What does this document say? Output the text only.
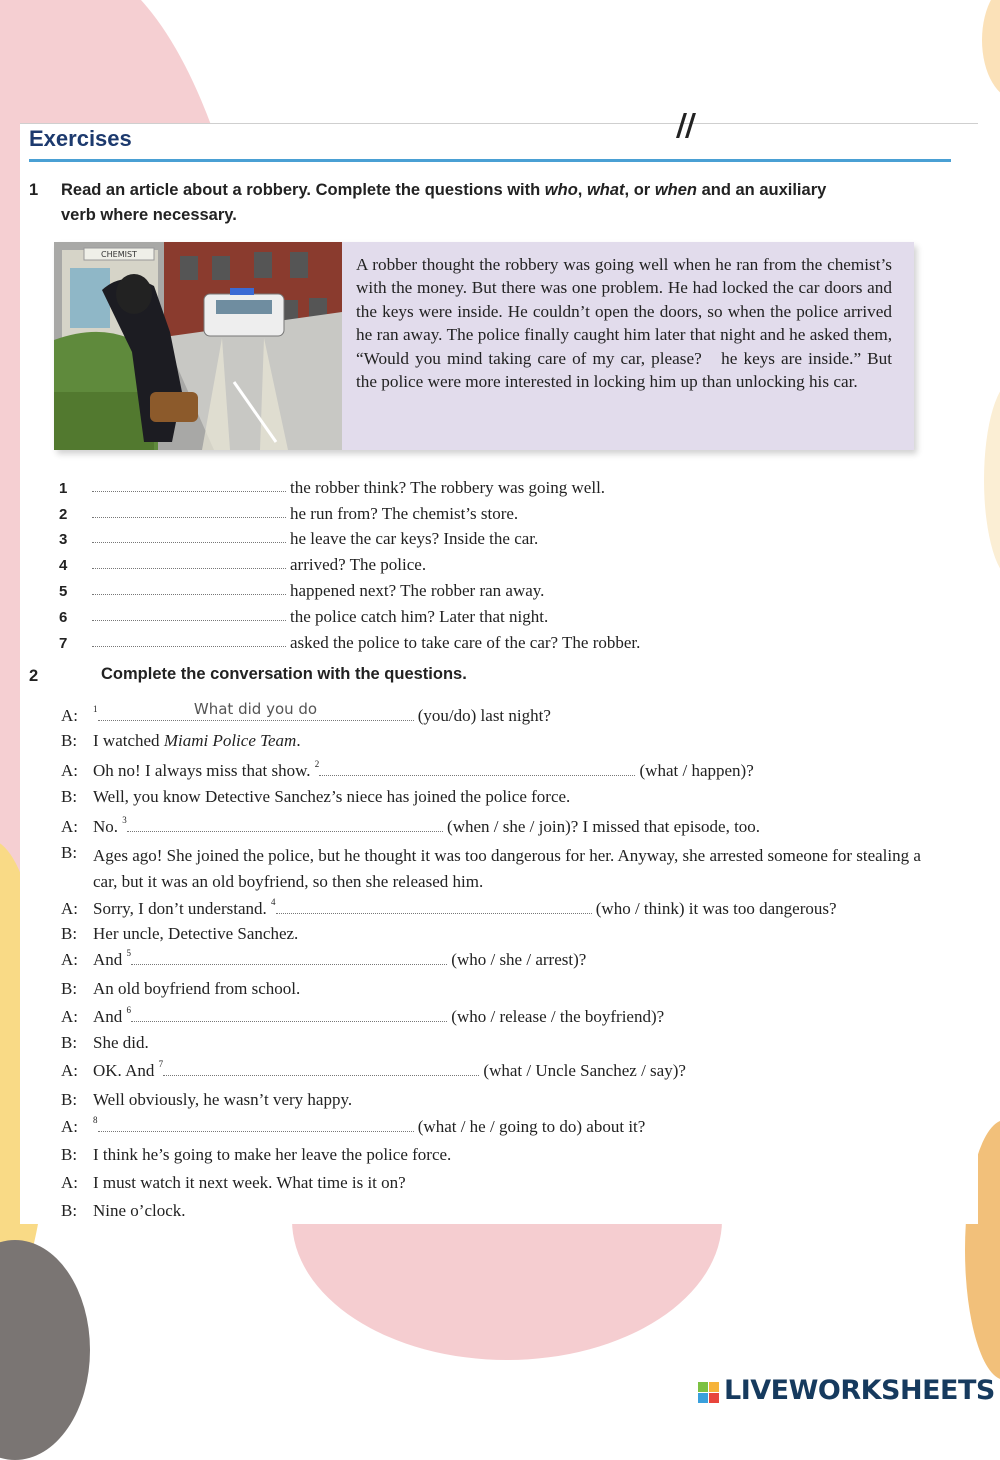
//
Exercises
1 Read an article about a robbery. Complete the questions with who, what, or when and an auxiliary
verb where necessary.
CHEMIST
A robber thought the robbery was going well when he ran from the chemist’s with the money. But there was one problem. He had locked the car doors and the keys were inside. He couldn’t open the doors, so when the police arrived he ran away. The police finally caught him later that night and he asked them, “Would you mind taking care of my car, please?  he keys are inside.” But the police were more interested in locking him up than unlocking his car.
1	the robber think? The robbery was going well.
2	he run from? The chemist’s store.
3	he leave the car keys? Inside the car.
4	arrived? The police.
5	happened next? The robber ran away.
6	the police catch him? Later that night.
7	asked the police to take care of the car? The robber.
2	Complete the conversation with the questions.
A: $^1$	What did you do	(you/do) last night?
B: I watched Miami Police Team.
A: Oh no! I always miss that show. $^2$	(what / happen)?
B: Well, you know Detective Sanchez’s niece has joined the police force.
A: No. $^3$	(when / she / join)? I missed that episode, too.
B: Ages ago! She joined the police, but he thought it was too dangerous for her. Anyway, she arrested someone for stealing a car, but it was an old boyfriend, so then she released him.
A: Sorry, I don’t understand. $^4$	(who / think) it was too dangerous?
B: Her uncle, Detective Sanchez.
A: And $^5$	(who / she / arrest)?
B: An old boyfriend from school.
A: And $^6$	(who / release / the boyfriend)?
B: She did.
A: OK. And $^7$	(what / Uncle Sanchez / say)?
B: Well obviously, he wasn’t very happy.
A: $^8$	(what / he / going to do) about it?
B: I think he’s going to make her leave the police force.
A: I must watch it next week. What time is it on?
B: Nine o’clock.
LIVEWORKSHEETS
